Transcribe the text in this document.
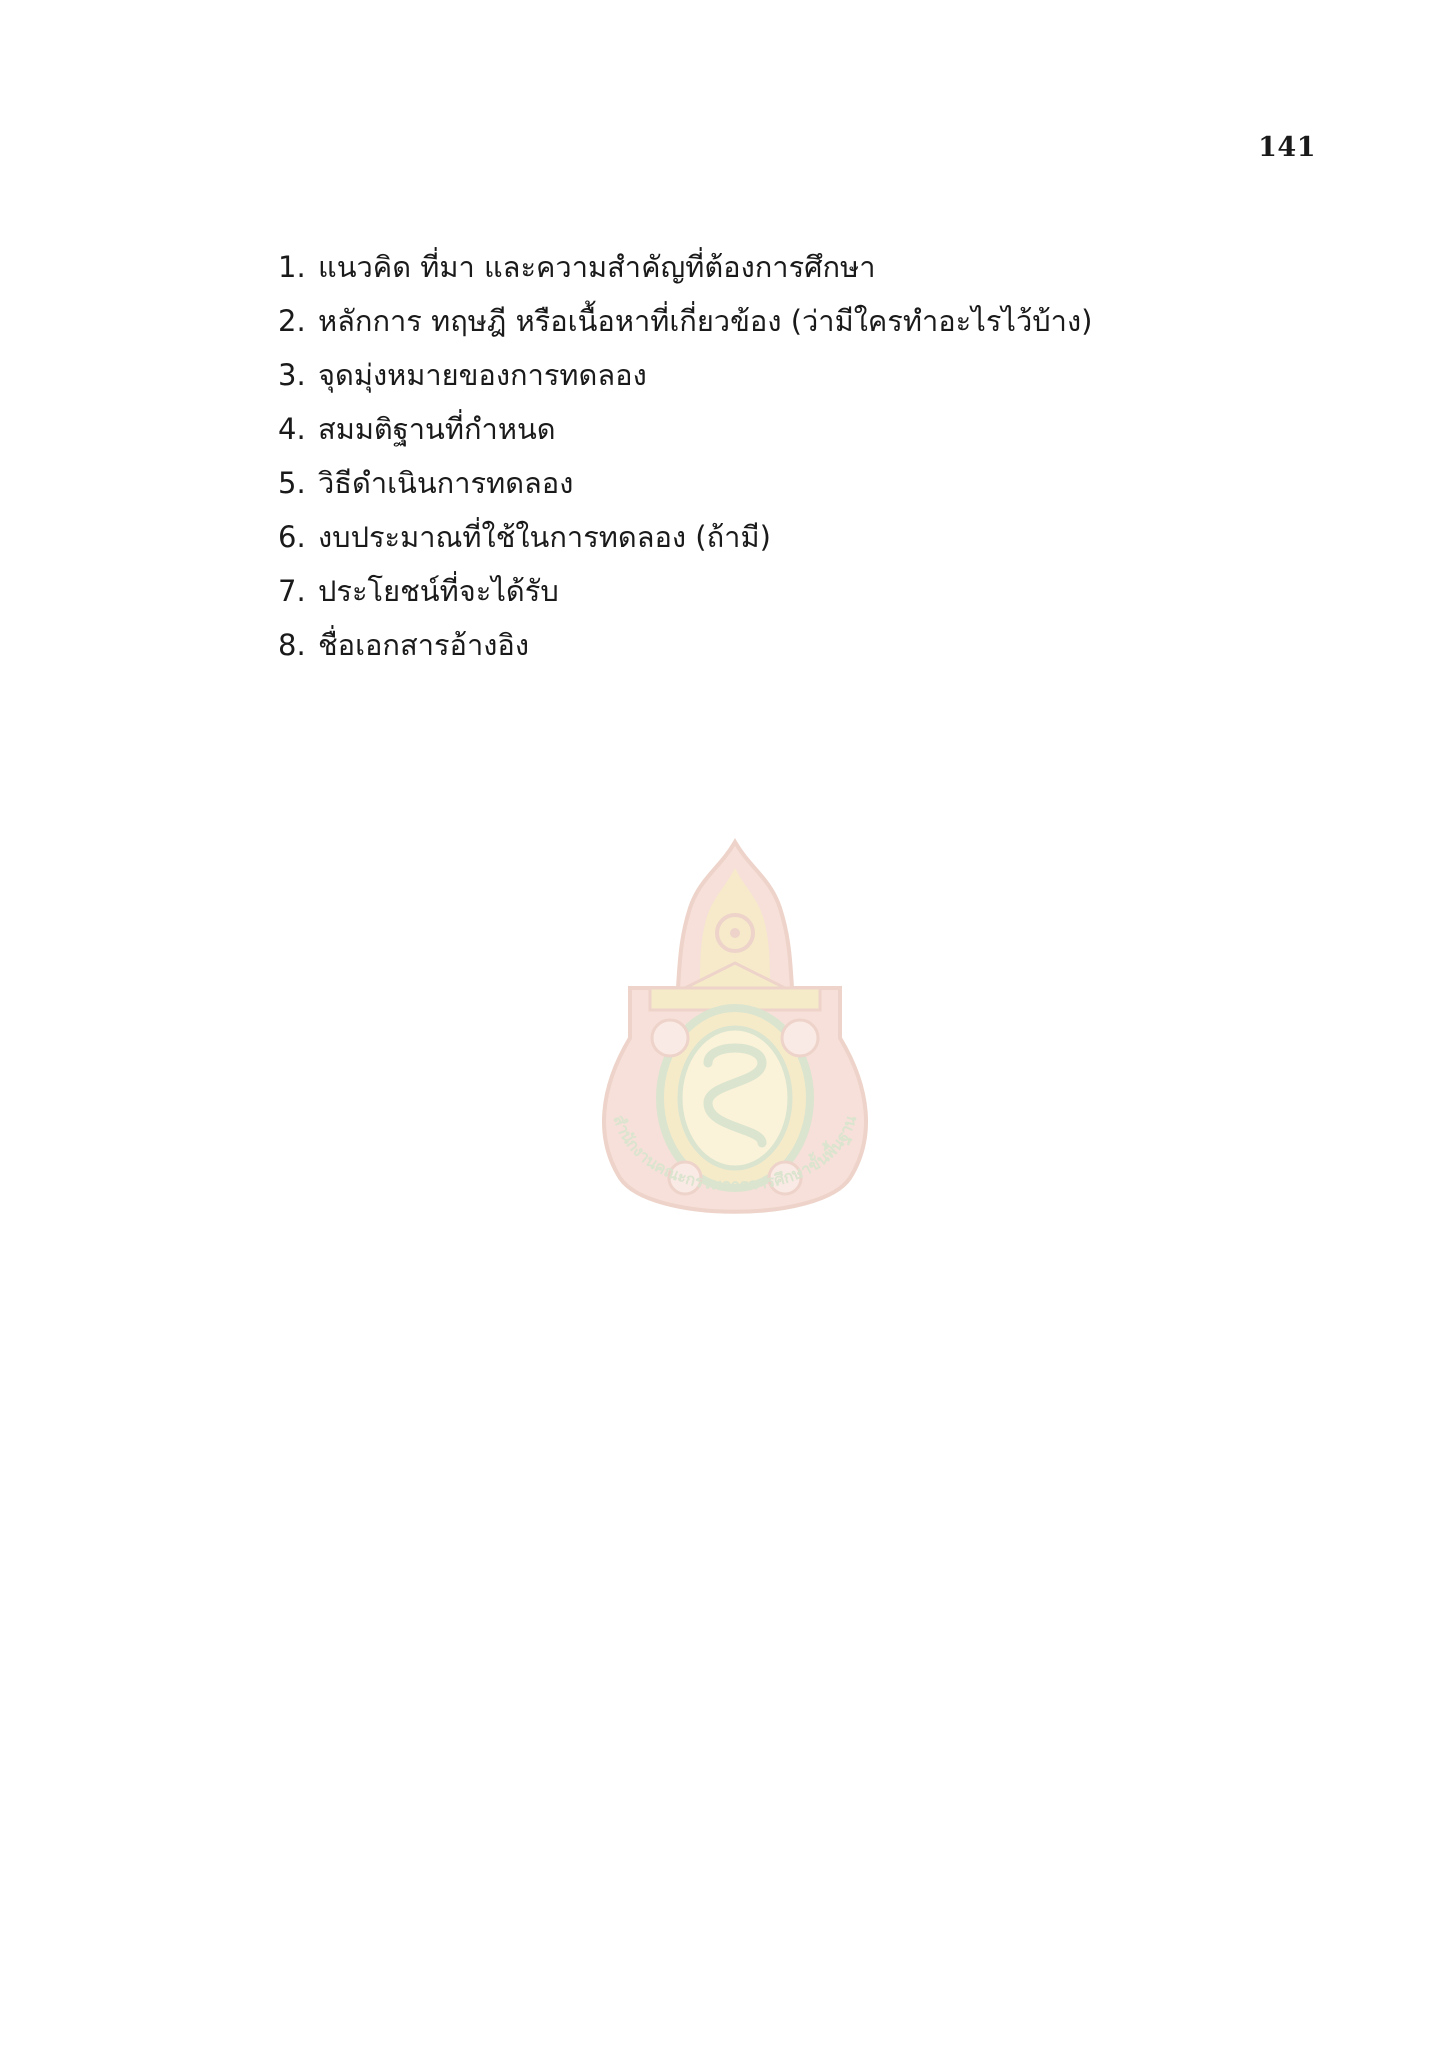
141
1. แนวคิด ที่มา และความสำคัญที่ต้องการศึกษา
2. หลักการ ทฤษฎี หรือเนื้อหาที่เกี่ยวข้อง (ว่ามีใครทำอะไรไว้บ้าง)
3. จุดมุ่งหมายของการทดลอง
4. สมมติฐานที่กำหนด
5. วิธีดำเนินการทดลอง
6. งบประมาณที่ใช้ในการทดลอง (ถ้ามี)
7. ประโยชน์ที่จะได้รับ
8. ชื่อเอกสารอ้างอิง
สำนักงานคณะกรรมการการศึกษาขั้นพื้นฐาน
